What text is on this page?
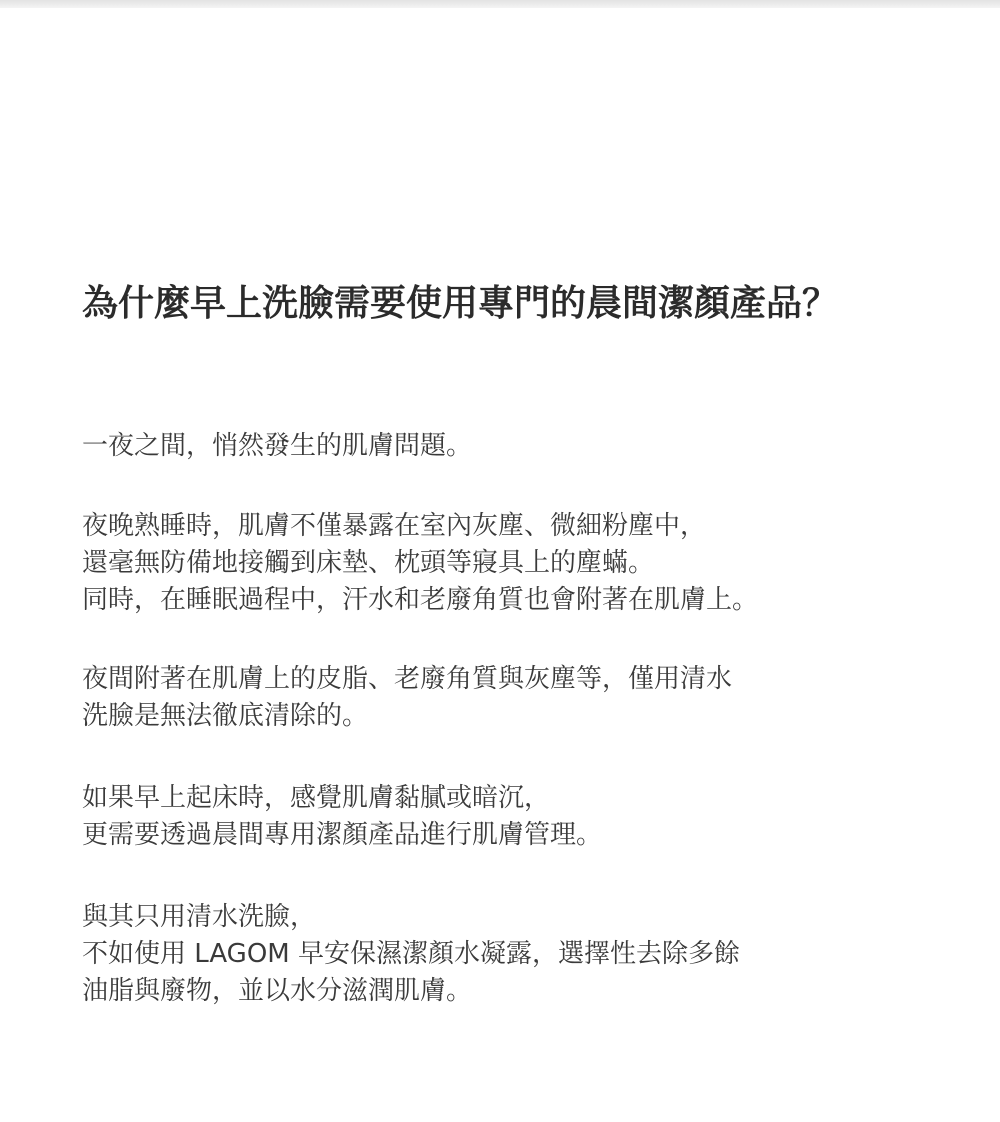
為什麼早上洗臉需要使用專門的晨間潔顏產品？

一夜之間，悄然發生的肌膚問題。

夜晚熟睡時，肌膚不僅暴露在室內灰塵、微細粉塵中，
還毫無防備地接觸到床墊、枕頭等寢具上的塵蟎。
同時，在睡眠過程中，汗水和老廢角質也會附著在肌膚上。

夜間附著在肌膚上的皮脂、老廢角質與灰塵等，僅用清水
洗臉是無法徹底清除的。

如果早上起床時，感覺肌膚黏膩或暗沉，
更需要透過晨間專用潔顏產品進行肌膚管理。

與其只用清水洗臉，
不如使用 LAGOM 早安保濕潔顏水凝露，選擇性去除多餘
油脂與廢物，並以水分滋潤肌膚。
